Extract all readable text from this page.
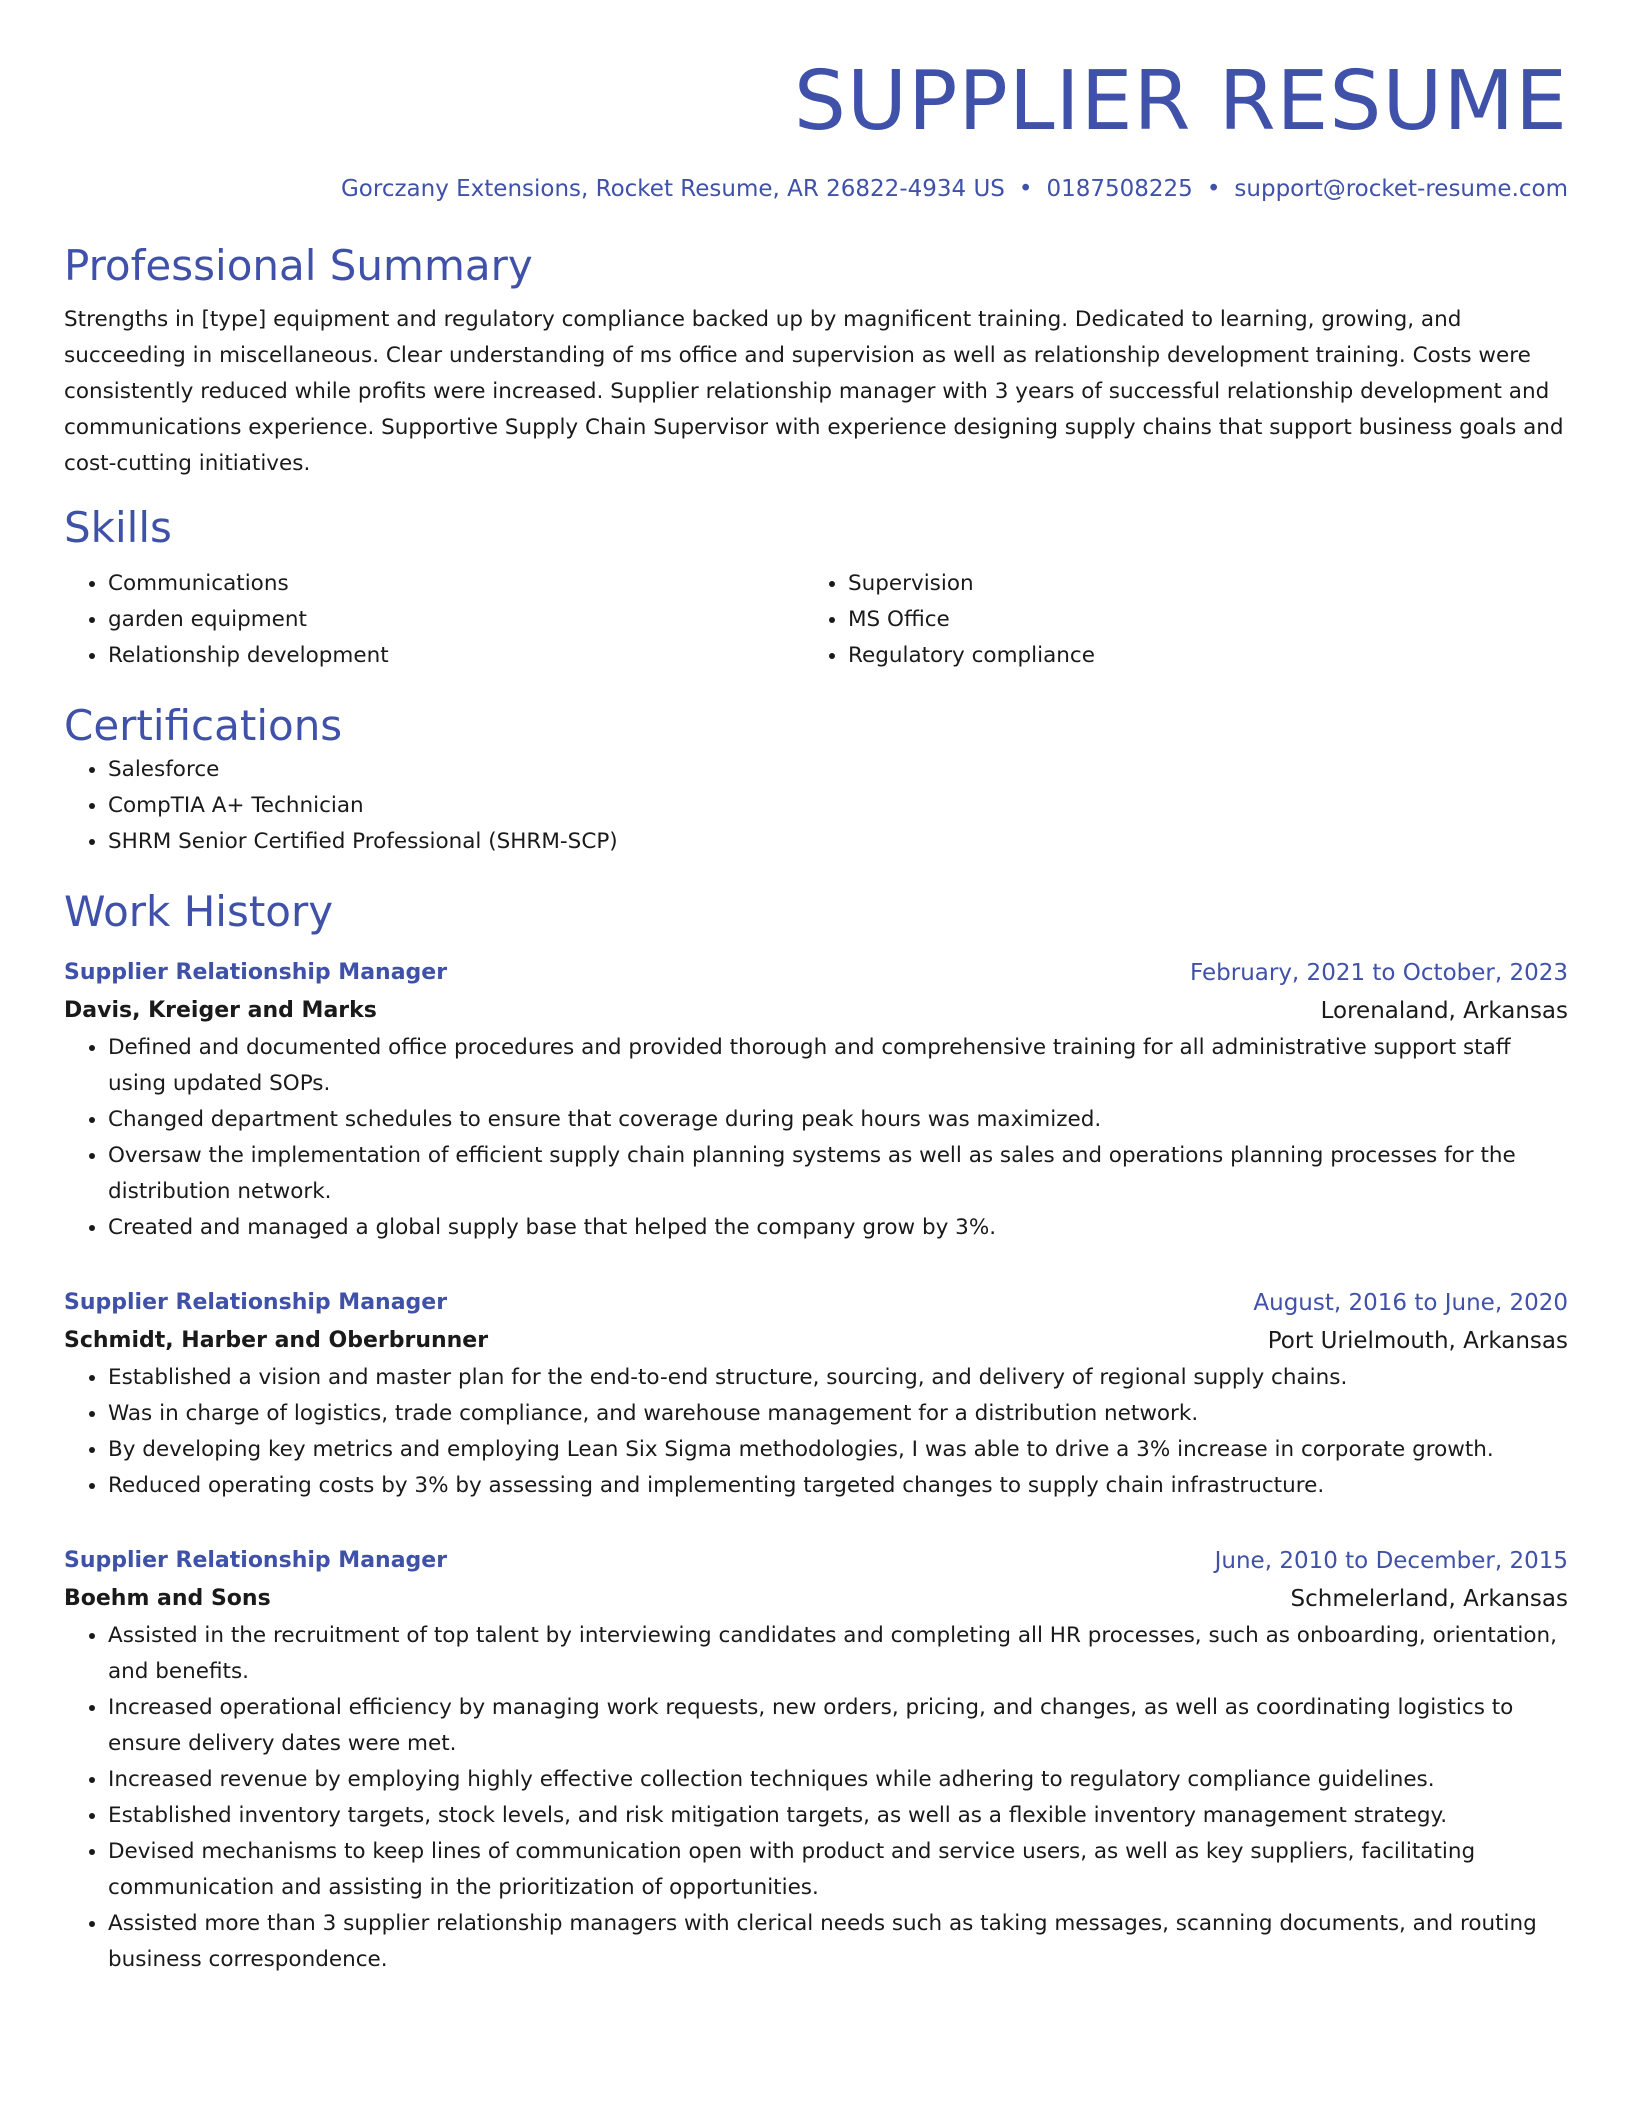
SUPPLIER RESUME
Gorczany Extensions, Rocket Resume, AR 26822-4934 US • 0187508225 • support@rocket-resume.com
Professional Summary
Strengths in [type] equipment and regulatory compliance backed up by magnificent training. Dedicated to learning, growing, and succeeding in miscellaneous. Clear understanding of ms office and supervision as well as relationship development training. Costs were consistently reduced while profits were increased. Supplier relationship manager with 3 years of successful relationship development and communications experience. Supportive Supply Chain Supervisor with experience designing supply chains that support business goals and cost-cutting initiatives.
Skills
• Communications
• garden equipment
• Relationship development
• Supervision
• MS Office
• Regulatory compliance
Certifications
• Salesforce
• CompTIA A+ Technician
• SHRM Senior Certified Professional (SHRM-SCP)
Work History
Supplier Relationship Manager	February, 2021 to October, 2023
Davis, Kreiger and Marks	Lorenaland, Arkansas
• Defined and documented office procedures and provided thorough and comprehensive training for all administrative support staff using updated SOPs.
• Changed department schedules to ensure that coverage during peak hours was maximized.
• Oversaw the implementation of efficient supply chain planning systems as well as sales and operations planning processes for the distribution network.
• Created and managed a global supply base that helped the company grow by 3%.
Supplier Relationship Manager	August, 2016 to June, 2020
Schmidt, Harber and Oberbrunner	Port Urielmouth, Arkansas
• Established a vision and master plan for the end-to-end structure, sourcing, and delivery of regional supply chains.
• Was in charge of logistics, trade compliance, and warehouse management for a distribution network.
• By developing key metrics and employing Lean Six Sigma methodologies, I was able to drive a 3% increase in corporate growth.
• Reduced operating costs by 3% by assessing and implementing targeted changes to supply chain infrastructure.
Supplier Relationship Manager	June, 2010 to December, 2015
Boehm and Sons	Schmelerland, Arkansas
• Assisted in the recruitment of top talent by interviewing candidates and completing all HR processes, such as onboarding, orientation, and benefits.
• Increased operational efficiency by managing work requests, new orders, pricing, and changes, as well as coordinating logistics to ensure delivery dates were met.
• Increased revenue by employing highly effective collection techniques while adhering to regulatory compliance guidelines.
• Established inventory targets, stock levels, and risk mitigation targets, as well as a flexible inventory management strategy.
• Devised mechanisms to keep lines of communication open with product and service users, as well as key suppliers, facilitating communication and assisting in the prioritization of opportunities.
• Assisted more than 3 supplier relationship managers with clerical needs such as taking messages, scanning documents, and routing business correspondence.
